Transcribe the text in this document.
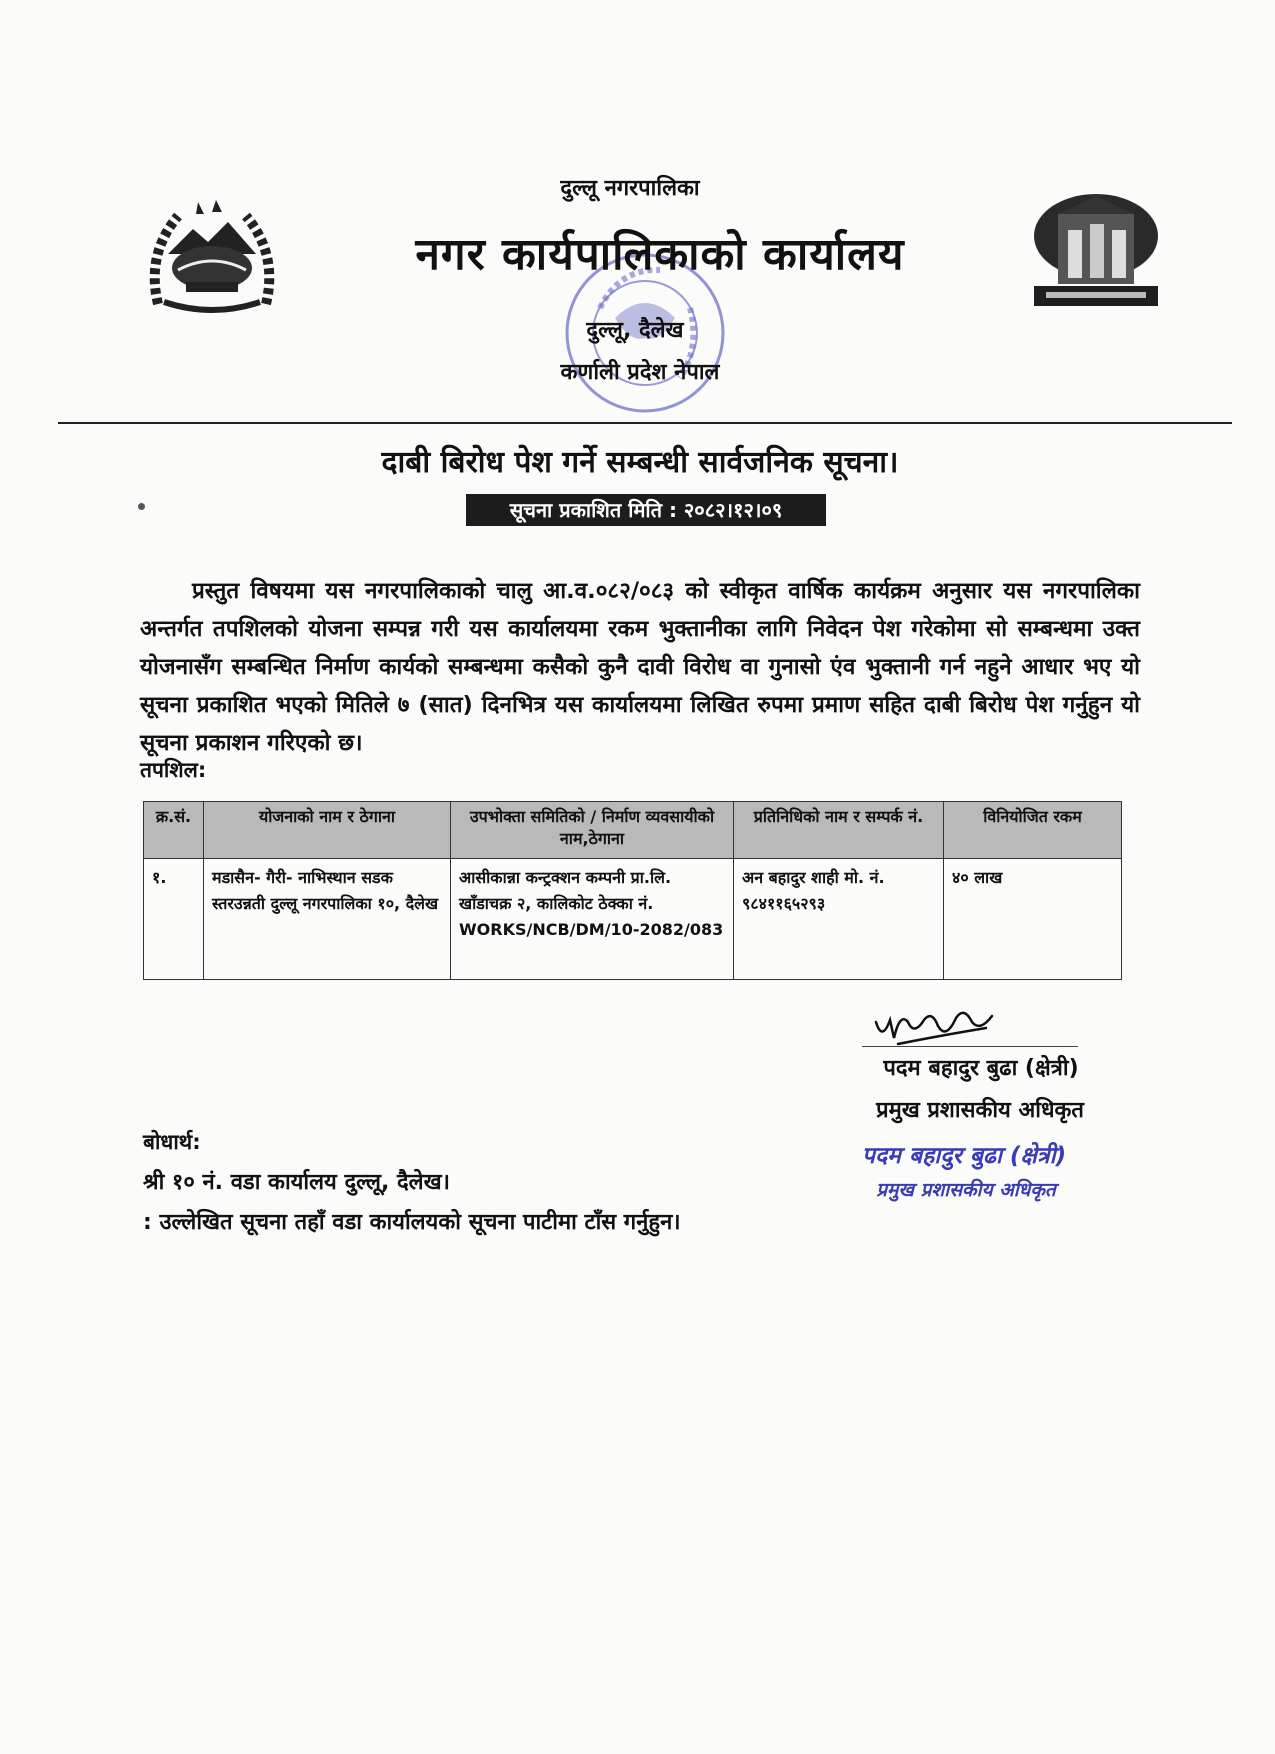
दुल्लू नगरपालिका
नगर कार्यपालिकाको कार्यालय
दुल्लू, दैलेख
कर्णाली प्रदेश नेपाल
दाबी बिरोध पेश गर्ने सम्बन्धी सार्वजनिक सूचना।
सूचना प्रकाशित मिति : २०८२।१२।०९

प्रस्तुत विषयमा यस नगरपालिकाको चालु आ.व.०८२/०८३ को स्वीकृत वार्षिक कार्यक्रम अनुसार यस नगरपालिका अन्तर्गत तपशिलको योजना सम्पन्न गरी यस कार्यालयमा रकम भुक्तानीका लागि निवेदन पेश गरेकोमा सो सम्बन्धमा उक्त योजनासँग सम्बन्धित निर्माण कार्यको सम्बन्धमा कसैको कुनै दावी विरोध वा गुनासो एंव भुक्तानी गर्न नहुने आधार भए यो सूचना प्रकाशित भएको मितिले ७ (सात) दिनभित्र यस कार्यालयमा लिखित रुपमा प्रमाण सहित दाबी बिरोध पेश गर्नुहुन यो सूचना प्रकाशन गरिएको छ।

तपशिल:
क्र.सं.	योजनाको नाम र ठेगाना	उपभोक्ता समितिको / निर्माण व्यवसायीको नाम,ठेगाना	प्रतिनिधिको नाम र सम्पर्क नं.	विनियोजित रकम
१.	मडासैन- गैरी- नाभिस्थान सडक स्तरउन्नती दुल्लू नगरपालिका १०, दैलेख	आसीकान्ना कन्ट्रक्शन कम्पनी प्रा.लि. खाँडाचक्र २, कालिकोट ठेक्का नं. WORKS/NCB/DM/10-2082/083	अन बहादुर शाही मो. नं. ९८४११६५२९३	४० लाख
पदम बहादुर बुढा (क्षेत्री)
प्रमुख प्रशासकीय अधिकृत
पदम बहादुर बुढा (क्षेत्री)
प्रमुख प्रशासकीय अधिकृत
बोधार्थ:
श्री १० नं. वडा कार्यालय दुल्लू, दैलेख।
: उल्लेखित सूचना तहाँ वडा कार्यालयको सूचना पाटीमा टाँस गर्नुहुन।
